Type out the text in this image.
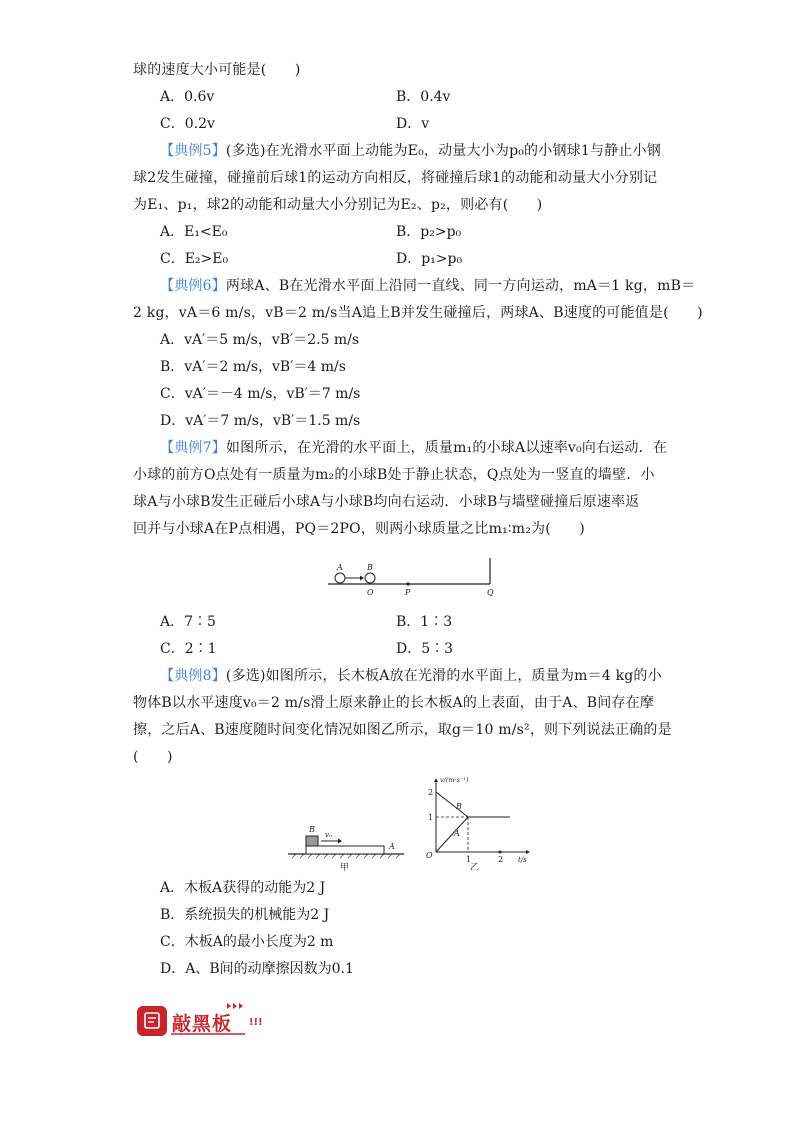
球的速度大小可能是(　　)
A．0.6v	B．0.4v
C．0.2v	D．v
【典例5】(多选)在光滑水平面上动能为E₀，动量大小为p₀的小钢球1与静止小钢
球2发生碰撞，碰撞前后球1的运动方向相反，将碰撞后球1的动能和动量大小分别记
为E₁、p₁，球2的动能和动量大小分别记为E₂、p₂，则必有(　　)
A．E₁<E₀	B．p₂>p₀
C．E₂>E₀	D．p₁>p₀
【典例6】两球A、B在光滑水平面上沿同一直线、同一方向运动，mA＝1 kg，mB＝
2 kg，vA＝6 m/s，vB＝2 m/s当A追上B并发生碰撞后，两球A、B速度的可能值是(　　)
A．vA′＝5 m/s，vB′＝2.5 m/s
B．vA′＝2 m/s，vB′＝4 m/s
C．vA′＝－4 m/s，vB′＝7 m/s
D．vA′＝7 m/s，vB′＝1.5 m/s
【典例7】如图所示，在光滑的水平面上，质量m₁的小球A以速率v₀向右运动．在
小球的前方O点处有一质量为m₂的小球B处于静止状态，Q点处为一竖直的墙壁．小
球A与小球B发生正碰后小球A与小球B均向右运动．小球B与墙壁碰撞后原速率返
回并与小球A在P点相遇，PQ＝2PO，则两小球质量之比m₁∶m₂为(　　)
A	B
O	P	Q
A．7∶5	B．1∶3
C．2∶1	D．5∶3
【典例8】(多选)如图所示，长木板A放在光滑的水平面上，质量为m＝4 kg的小
物体B以水平速度v₀＝2 m/s滑上原来静止的长木板A的上表面，由于A、B间存在摩
擦，之后A、B速度随时间变化情况如图乙所示，取g＝10 m/s²，则下列说法正确的是
(　　)
B
v₀
A
甲
v/(m·s⁻¹)
t/s
2
1
O	1	2
B
A
乙
A．木板A获得的动能为2 J
B．系统损失的机械能为2 J
C．木板A的最小长度为2 m
D．A、B间的动摩擦因数为0.1
敲黑板 !!!
